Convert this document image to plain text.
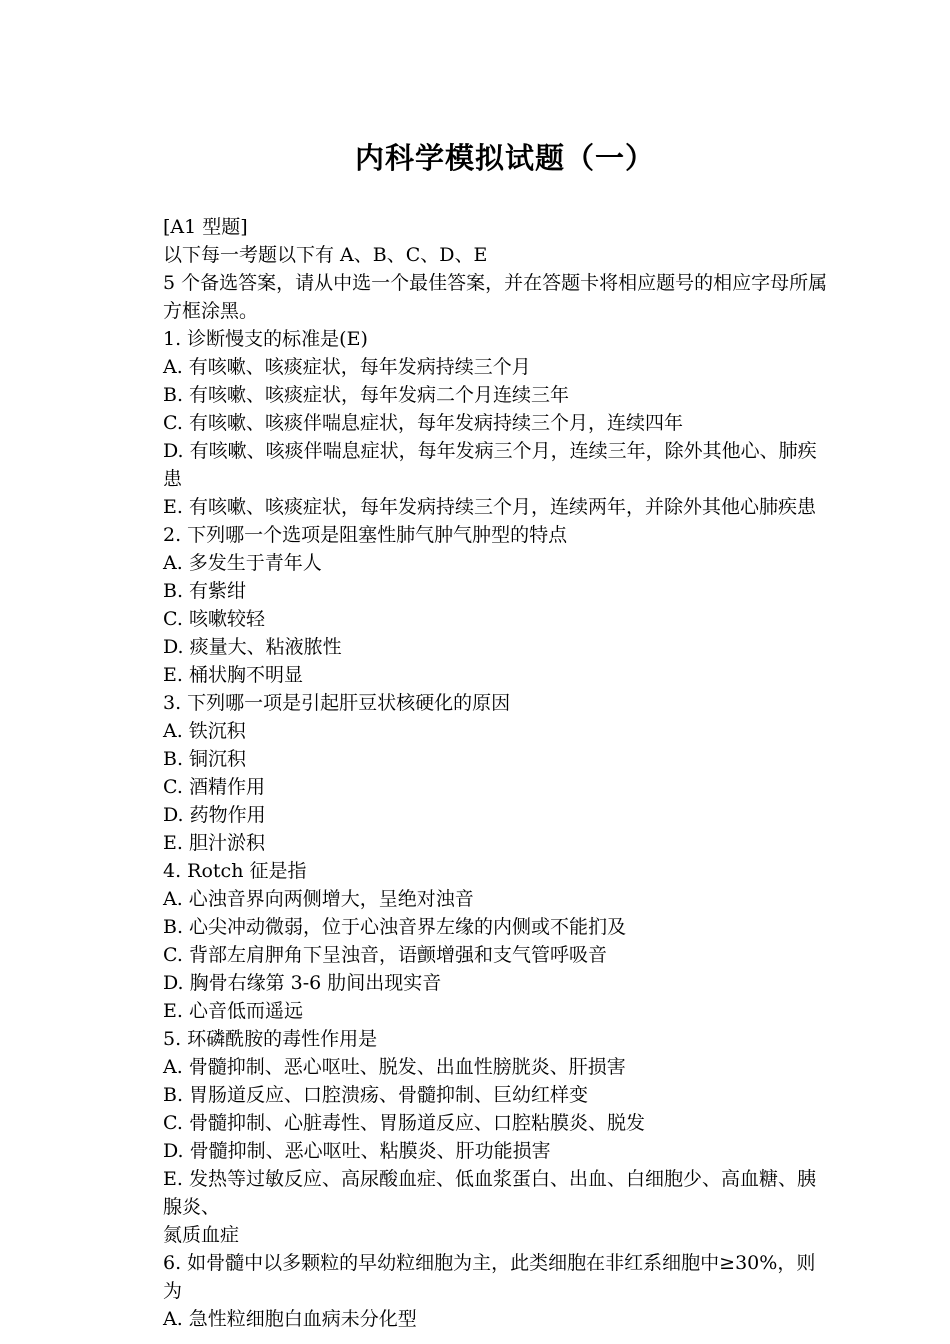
内科学模拟试题（一）
[A1 型题]
以下每一考题以下有 A、B、C、D、E
5 个备选答案，请从中选一个最佳答案，并在答题卡将相应题号的相应字母所属
方框涂黑。
1. 诊断慢支的标准是(E)
A. 有咳嗽、咳痰症状，每年发病持续三个月
B. 有咳嗽、咳痰症状，每年发病二个月连续三年
C. 有咳嗽、咳痰伴喘息症状，每年发病持续三个月，连续四年
D. 有咳嗽、咳痰伴喘息症状，每年发病三个月，连续三年，除外其他心、肺疾
患
E. 有咳嗽、咳痰症状，每年发病持续三个月，连续两年，并除外其他心肺疾患
2. 下列哪一个选项是阻塞性肺气肿气肿型的特点
A. 多发生于青年人
B. 有紫绀
C. 咳嗽较轻
D. 痰量大、粘液脓性
E. 桶状胸不明显
3. 下列哪一项是引起肝豆状核硬化的原因
A. 铁沉积
B. 铜沉积
C. 酒精作用
D. 药物作用
E. 胆汁淤积
4. Rotch 征是指
A. 心浊音界向两侧增大，呈绝对浊音
B. 心尖冲动微弱，位于心浊音界左缘的内侧或不能扪及
C. 背部左肩胛角下呈浊音，语颤增强和支气管呼吸音
D. 胸骨右缘第 3-6 肋间出现实音
E. 心音低而遥远
5. 环磷酰胺的毒性作用是
A. 骨髓抑制、恶心呕吐、脱发、出血性膀胱炎、肝损害
B. 胃肠道反应、口腔溃疡、骨髓抑制、巨幼红样变
C. 骨髓抑制、心脏毒性、胃肠道反应、口腔粘膜炎、脱发
D. 骨髓抑制、恶心呕吐、粘膜炎、肝功能损害
E. 发热等过敏反应、高尿酸血症、低血浆蛋白、出血、白细胞少、高血糖、胰
腺炎、
氮质血症
6. 如骨髓中以多颗粒的早幼粒细胞为主，此类细胞在非红系细胞中≥30%，则
为
A. 急性粒细胞白血病未分化型
